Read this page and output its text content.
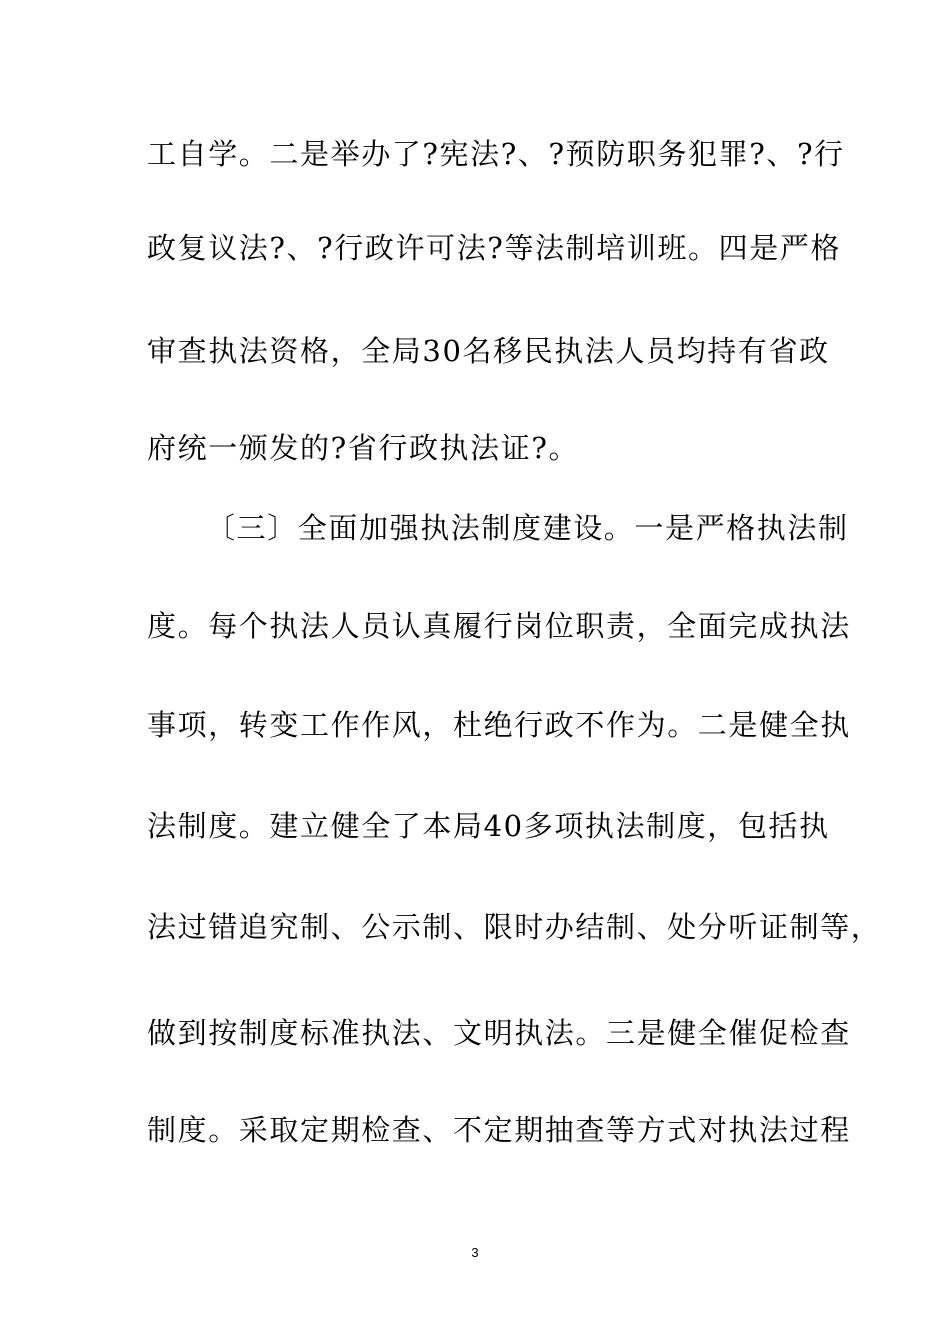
工自学。二是举办了?宪法?、?预防职务犯罪?、?行
政复议法?、?行政许可法?等法制培训班。四是严格
审查执法资格，全局30名移民执法人员均持有省政
府统一颁发的?省行政执法证?。
〔三〕全面加强执法制度建设。一是严格执法制
度。每个执法人员认真履行岗位职责，全面完成执法
事项，转变工作作风，杜绝行政不作为。二是健全执
法制度。建立健全了本局40多项执法制度，包括执
法过错追究制、公示制、限时办结制、处分听证制等，
做到按制度标准执法、文明执法。三是健全催促检查
制度。采取定期检查、不定期抽查等方式对执法过程
3
